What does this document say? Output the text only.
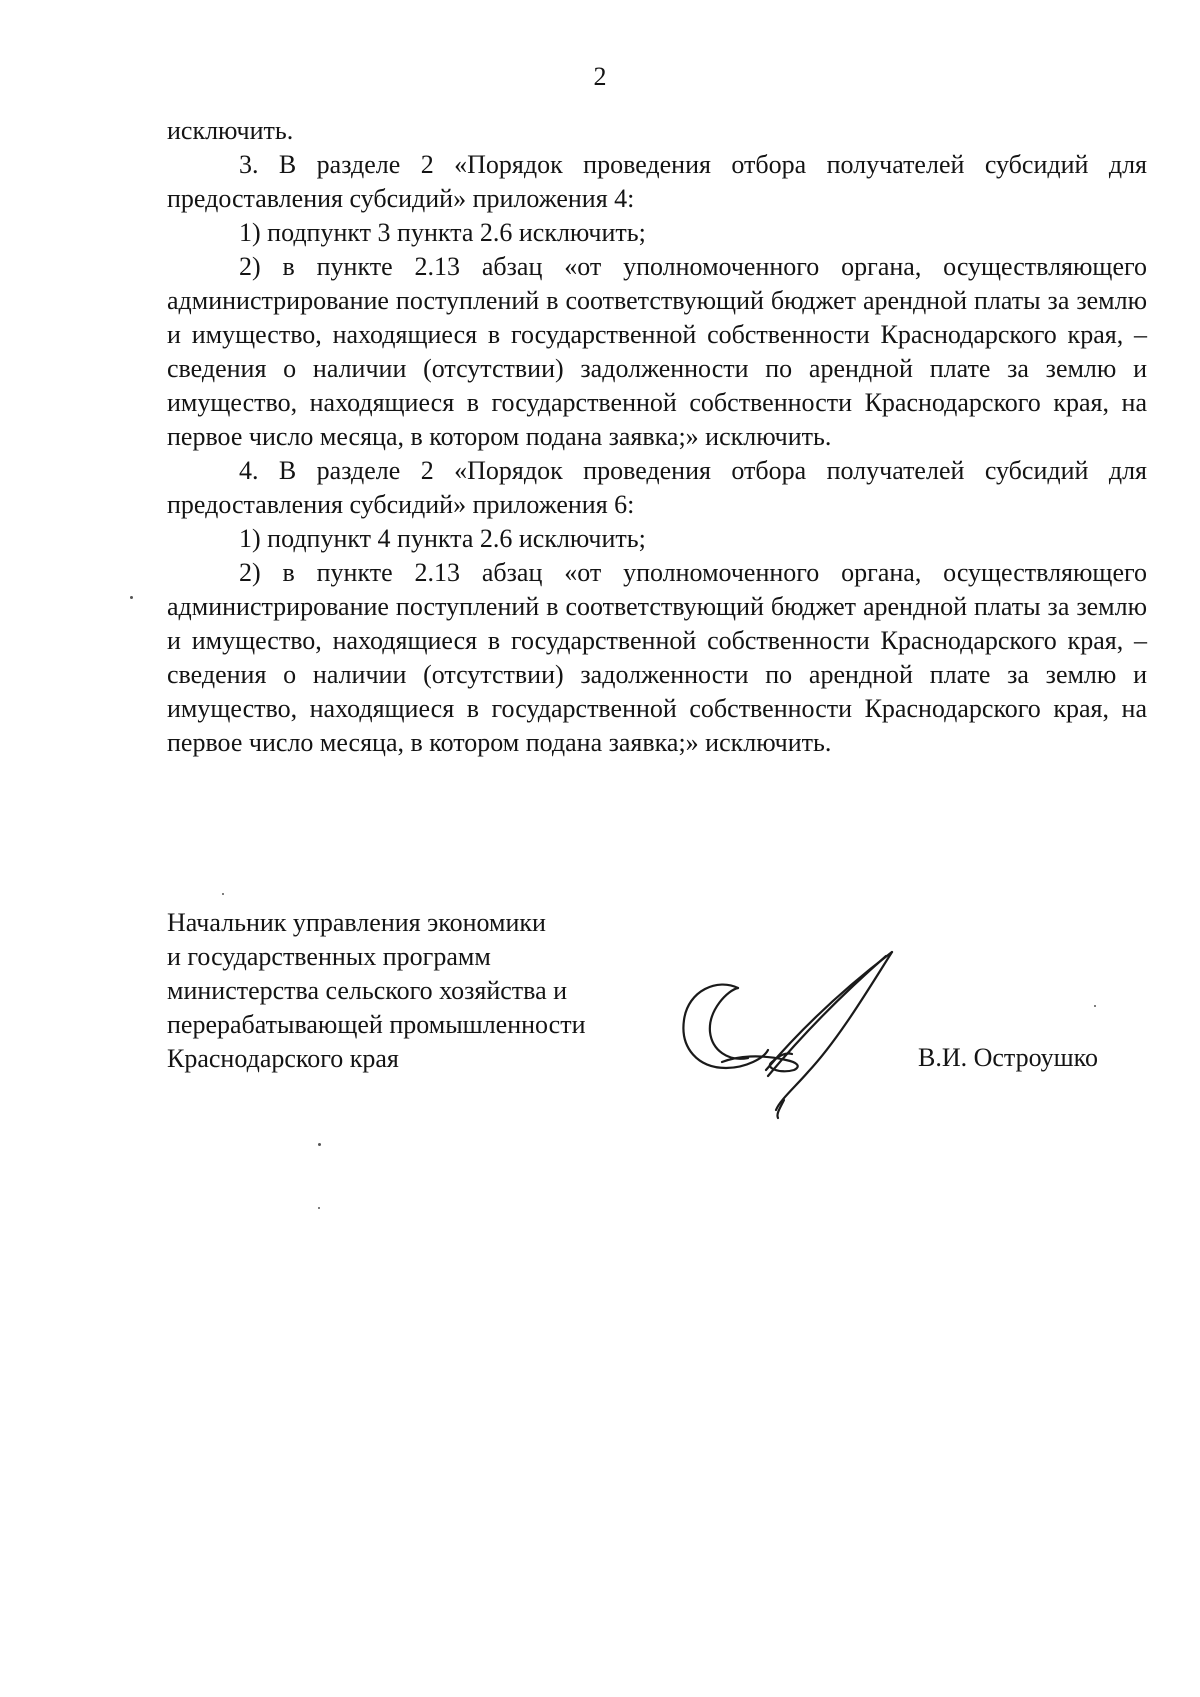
2

исключить.

3. В разделе 2 «Порядок проведения отбора получателей субсидий для предоставления субсидий» приложения 4:

1) подпункт 3 пункта 2.6 исключить;

2) в пункте 2.13 абзац «от уполномоченного органа, осуществляющего администрирование поступлений в соответствующий бюджет арендной платы за землю и имущество, находящиеся в государственной собственности Краснодарского края, – сведения о наличии (отсутствии) задолженности по арендной плате за землю и имущество, находящиеся в государственной собственности Краснодарского края, на первое число месяца, в котором подана заявка;» исключить.

4. В разделе 2 «Порядок проведения отбора получателей субсидий для предоставления субсидий» приложения 6:

1) подпункт 4 пункта 2.6 исключить;

2) в пункте 2.13 абзац «от уполномоченного органа, осуществляющего администрирование поступлений в соответствующий бюджет арендной платы за землю и имущество, находящиеся в государственной собственности Краснодарского края, – сведения о наличии (отсутствии) задолженности по арендной плате за землю и имущество, находящиеся в государственной собственности Краснодарского края, на первое число месяца, в котором подана заявка;» исключить.

Начальник управления экономики
и государственных программ
министерства сельского хозяйства и
перерабатывающей промышленности
Краснодарского края	В.И. Остроушко
